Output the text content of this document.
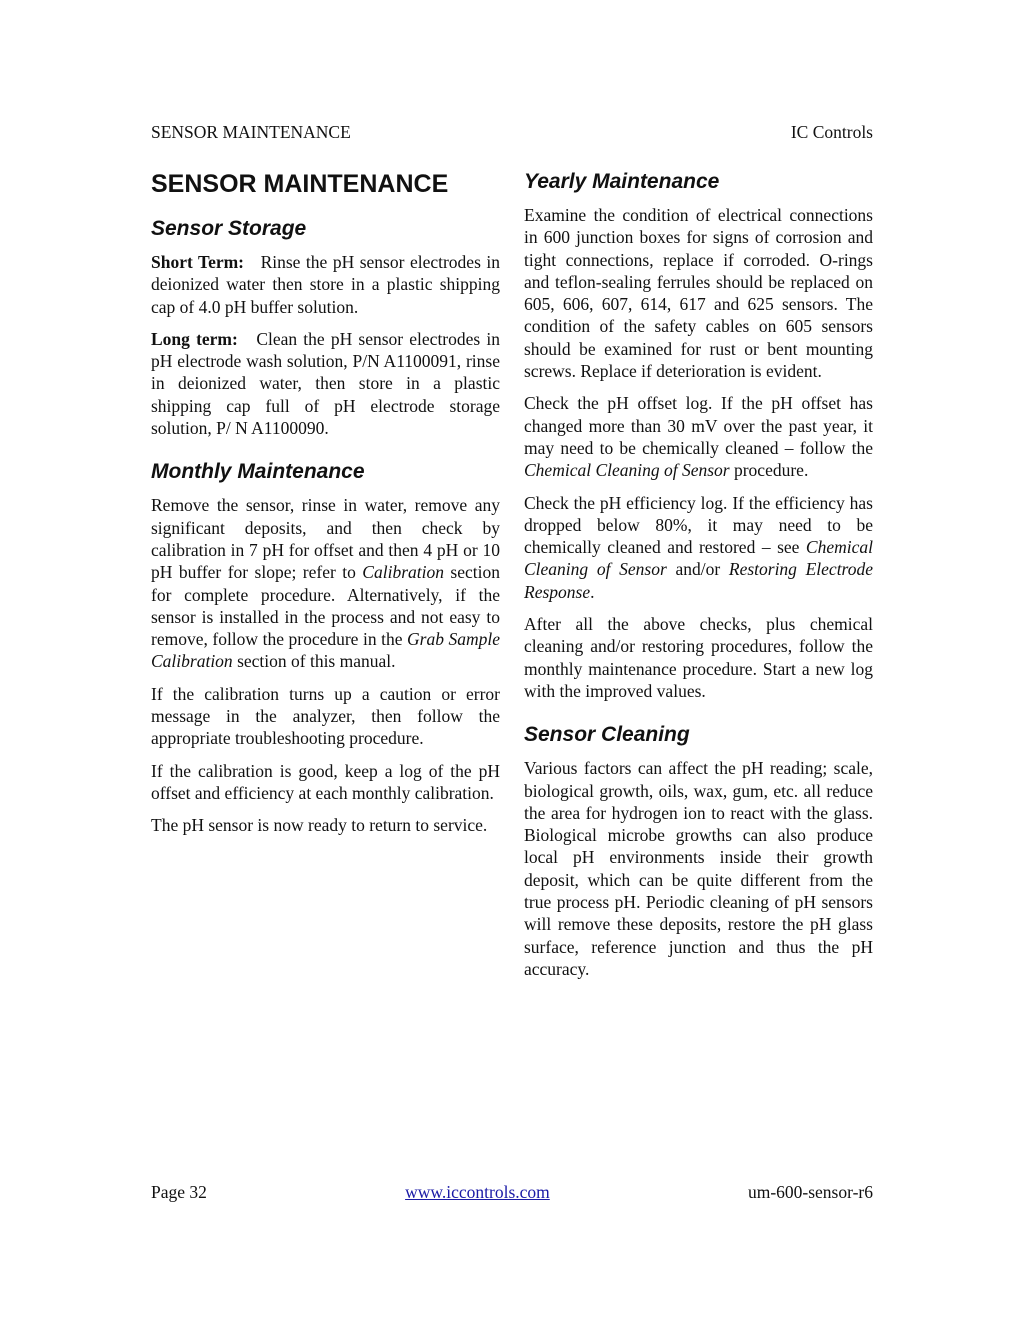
SENSOR MAINTENANCE	IC Controls
SENSOR MAINTENANCE
Sensor Storage

Short Term: Rinse the pH sensor electrodes in deionized water then store in a plastic shipping cap of 4.0 pH buffer solution.

Long term: Clean the pH sensor electrodes in pH electrode wash solution, P/N A1100091, rinse in deionized water, then store in a plastic shipping cap full of pH electrode storage solution, P/ N A1100090.

Monthly Maintenance

Remove the sensor, rinse in water, remove any significant deposits, and then check by calibration in 7 pH for offset and then 4 pH or 10 pH buffer for slope; refer to Calibration section for complete procedure. Alternatively, if the sensor is installed in the process and not easy to remove, follow the procedure in the Grab Sample Calibration section of this manual.

If the calibration turns up a caution or error message in the analyzer, then follow the appropriate troubleshooting procedure.

If the calibration is good, keep a log of the pH offset and efficiency at each monthly calibration.

The pH sensor is now ready to return to service.

Yearly Maintenance

Examine the condition of electrical connections in 600 junction boxes for signs of corrosion and tight connections, replace if corroded. O-rings and teflon-sealing ferrules should be replaced on 605, 606, 607, 614, 617 and 625 sensors. The condition of the safety cables on 605 sensors should be examined for rust or bent mounting screws. Replace if deterioration is evident.

Check the pH offset log. If the pH offset has changed more than 30 mV over the past year, it may need to be chemically cleaned – follow the Chemical Cleaning of Sensor procedure.

Check the pH efficiency log. If the efficiency has dropped below 80%, it may need to be chemically cleaned and restored – see Chemical Cleaning of Sensor and/or Restoring Electrode Response.

After all the above checks, plus chemical cleaning and/or restoring procedures, follow the monthly maintenance procedure. Start a new log with the improved values.

Sensor Cleaning

Various factors can affect the pH reading; scale, biological growth, oils, wax, gum, etc. all reduce the area for hydrogen ion to react with the glass. Biological microbe growths can also produce local pH environments inside their growth deposit, which can be quite different from the true process pH. Periodic cleaning of pH sensors will remove these deposits, restore the pH glass surface, reference junction and thus the pH accuracy.

Page 32	www.iccontrols.com	um-600-sensor-r6
